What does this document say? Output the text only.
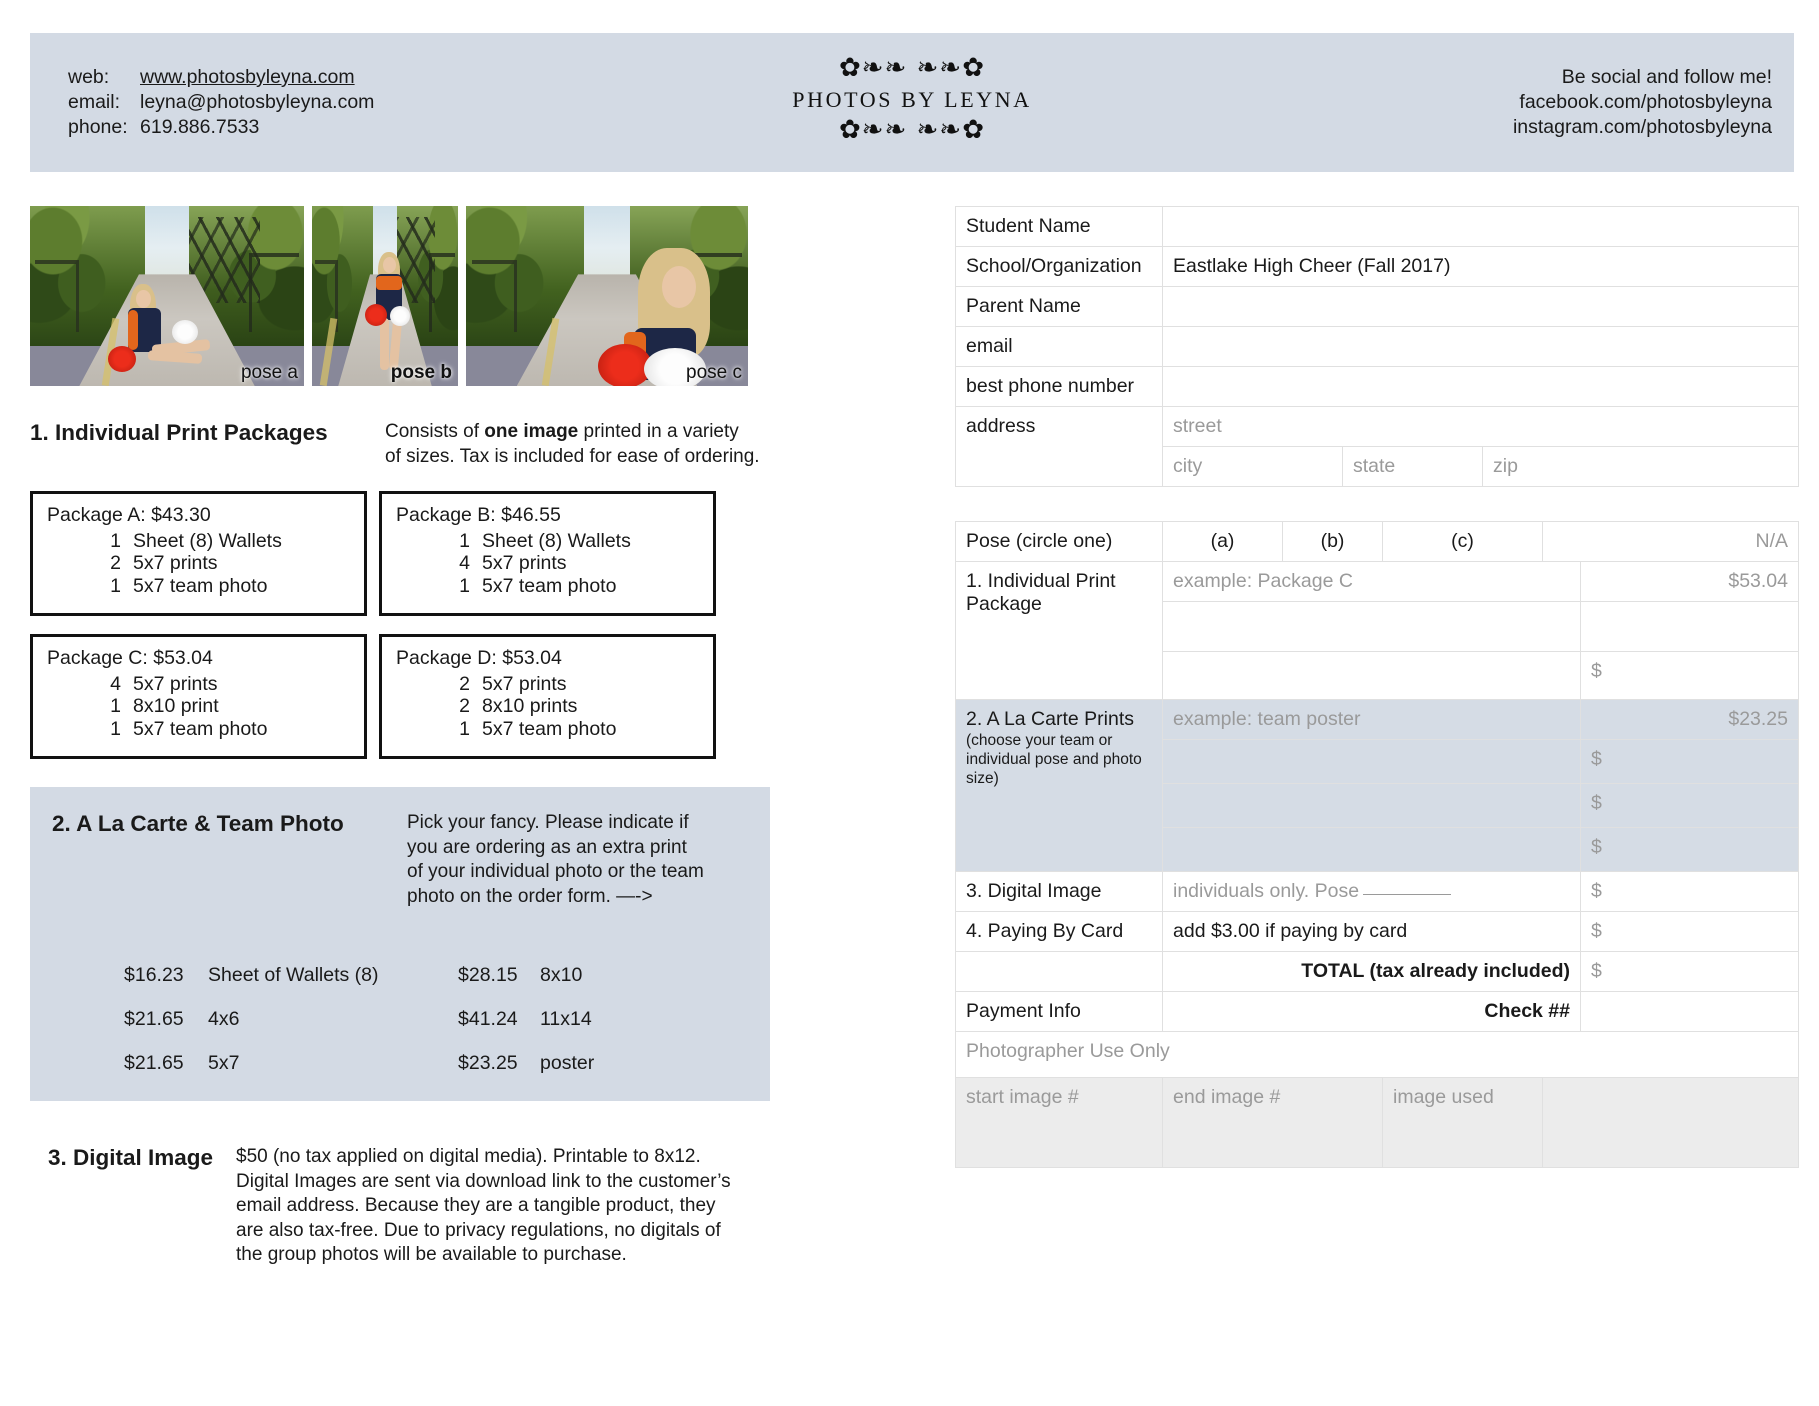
web:	www.photosbyleyna.com
email:	leyna@photosbyleyna.com
phone: 619.886.7533
✿❧❧ ❧❧✿
PHOTOS BY LEYNA
✿❧❧ ❧❧✿
Be social and follow me!
facebook.com/photosbyleyna
instagram.com/photosbyleyna
pose a	pose b	pose c
1. Individual Print Packages	Consists of one image printed in a variety
of sizes. Tax is included for ease of ordering.
Package A: $43.30
1 Sheet (8) Wallets
2 5x7 prints
1 5x7 team photo
Package B: $46.55
1 Sheet (8) Wallets
4 5x7 prints
1 5x7 team photo
Package C: $53.04
4 5x7 prints
1 8x10 print
1 5x7 team photo
Package D: $53.04
2 5x7 prints
2 8x10 prints
1 5x7 team photo
2. A La Carte & Team Photo	Pick your fancy. Please indicate if you are ordering as an extra print of your individual photo or the team photo on the order form. —->
$16.23	Sheet of Wallets (8)	$28.15	8x10
$21.65	4x6	$41.24	11x14
$21.65	5x7	$23.25	poster
3. Digital Image	$50 (no tax applied on digital media). Printable to 8x12. Digital Images are sent via download link to the customer’s email address. Because they are a tangible product, they are also tax-free. Due to privacy regulations, no digitals of the group photos will be available to purchase.
Student Name			
School/Organization	Eastlake High Cheer (Fall 2017)		
Parent Name			
email			
best phone number			
address	street		
	city	state	zip
Pose (circle one)	(a)	(b)	(c)	N/A		
1. Individual Print
Package	example: Package C				$53.04	

					$	
2. A La Carte Prints
(choose your team or individual pose and photo size)	example: team poster				$23.25	
					$	
					$	
					$	
3. Digital Image	individuals only. Pose				$	
4. Paying By Card	add $3.00 if paying by card				$	
	TOTAL (tax already included)				$	
Payment Info	Check ##					
Photographer Use Only						
start image #	end image #		image used			
